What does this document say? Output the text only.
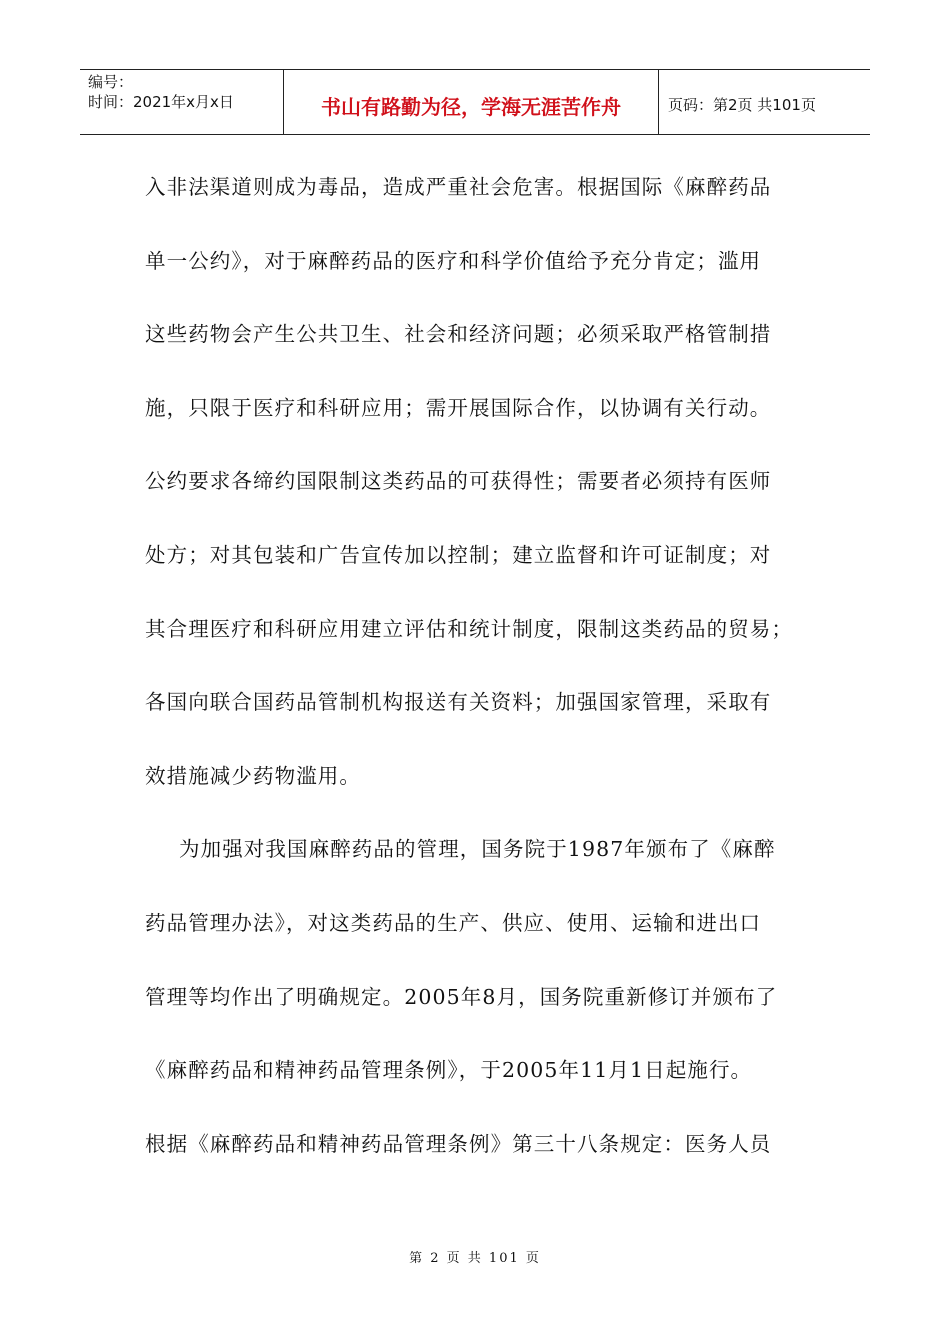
编号：
时间：2021年x月x日	书山有路勤为径，学海无涯苦作舟	页码：第2页 共101页
入非法渠道则成为毒品，造成严重社会危害。根据国际《麻醉药品
单一公约》，对于麻醉药品的医疗和科学价值给予充分肯定；滥用
这些药物会产生公共卫生、社会和经济问题；必须采取严格管制措
施，只限于医疗和科研应用；需开展国际合作，以协调有关行动。
公约要求各缔约国限制这类药品的可获得性；需要者必须持有医师
处方；对其包装和广告宣传加以控制；建立监督和许可证制度；对
其合理医疗和科研应用建立评估和统计制度，限制这类药品的贸易；
各国向联合国药品管制机构报送有关资料；加强国家管理，采取有
效措施减少药物滥用。
为加强对我国麻醉药品的管理，国务院于1987年颁布了《麻醉
药品管理办法》，对这类药品的生产、供应、使用、运输和进出口
管理等均作出了明确规定。2005年8月，国务院重新修订并颁布了
《麻醉药品和精神药品管理条例》，于2005年11月1日起施行。
根据《麻醉药品和精神药品管理条例》第三十八条规定：医务人员
第 2 页 共 101 页
